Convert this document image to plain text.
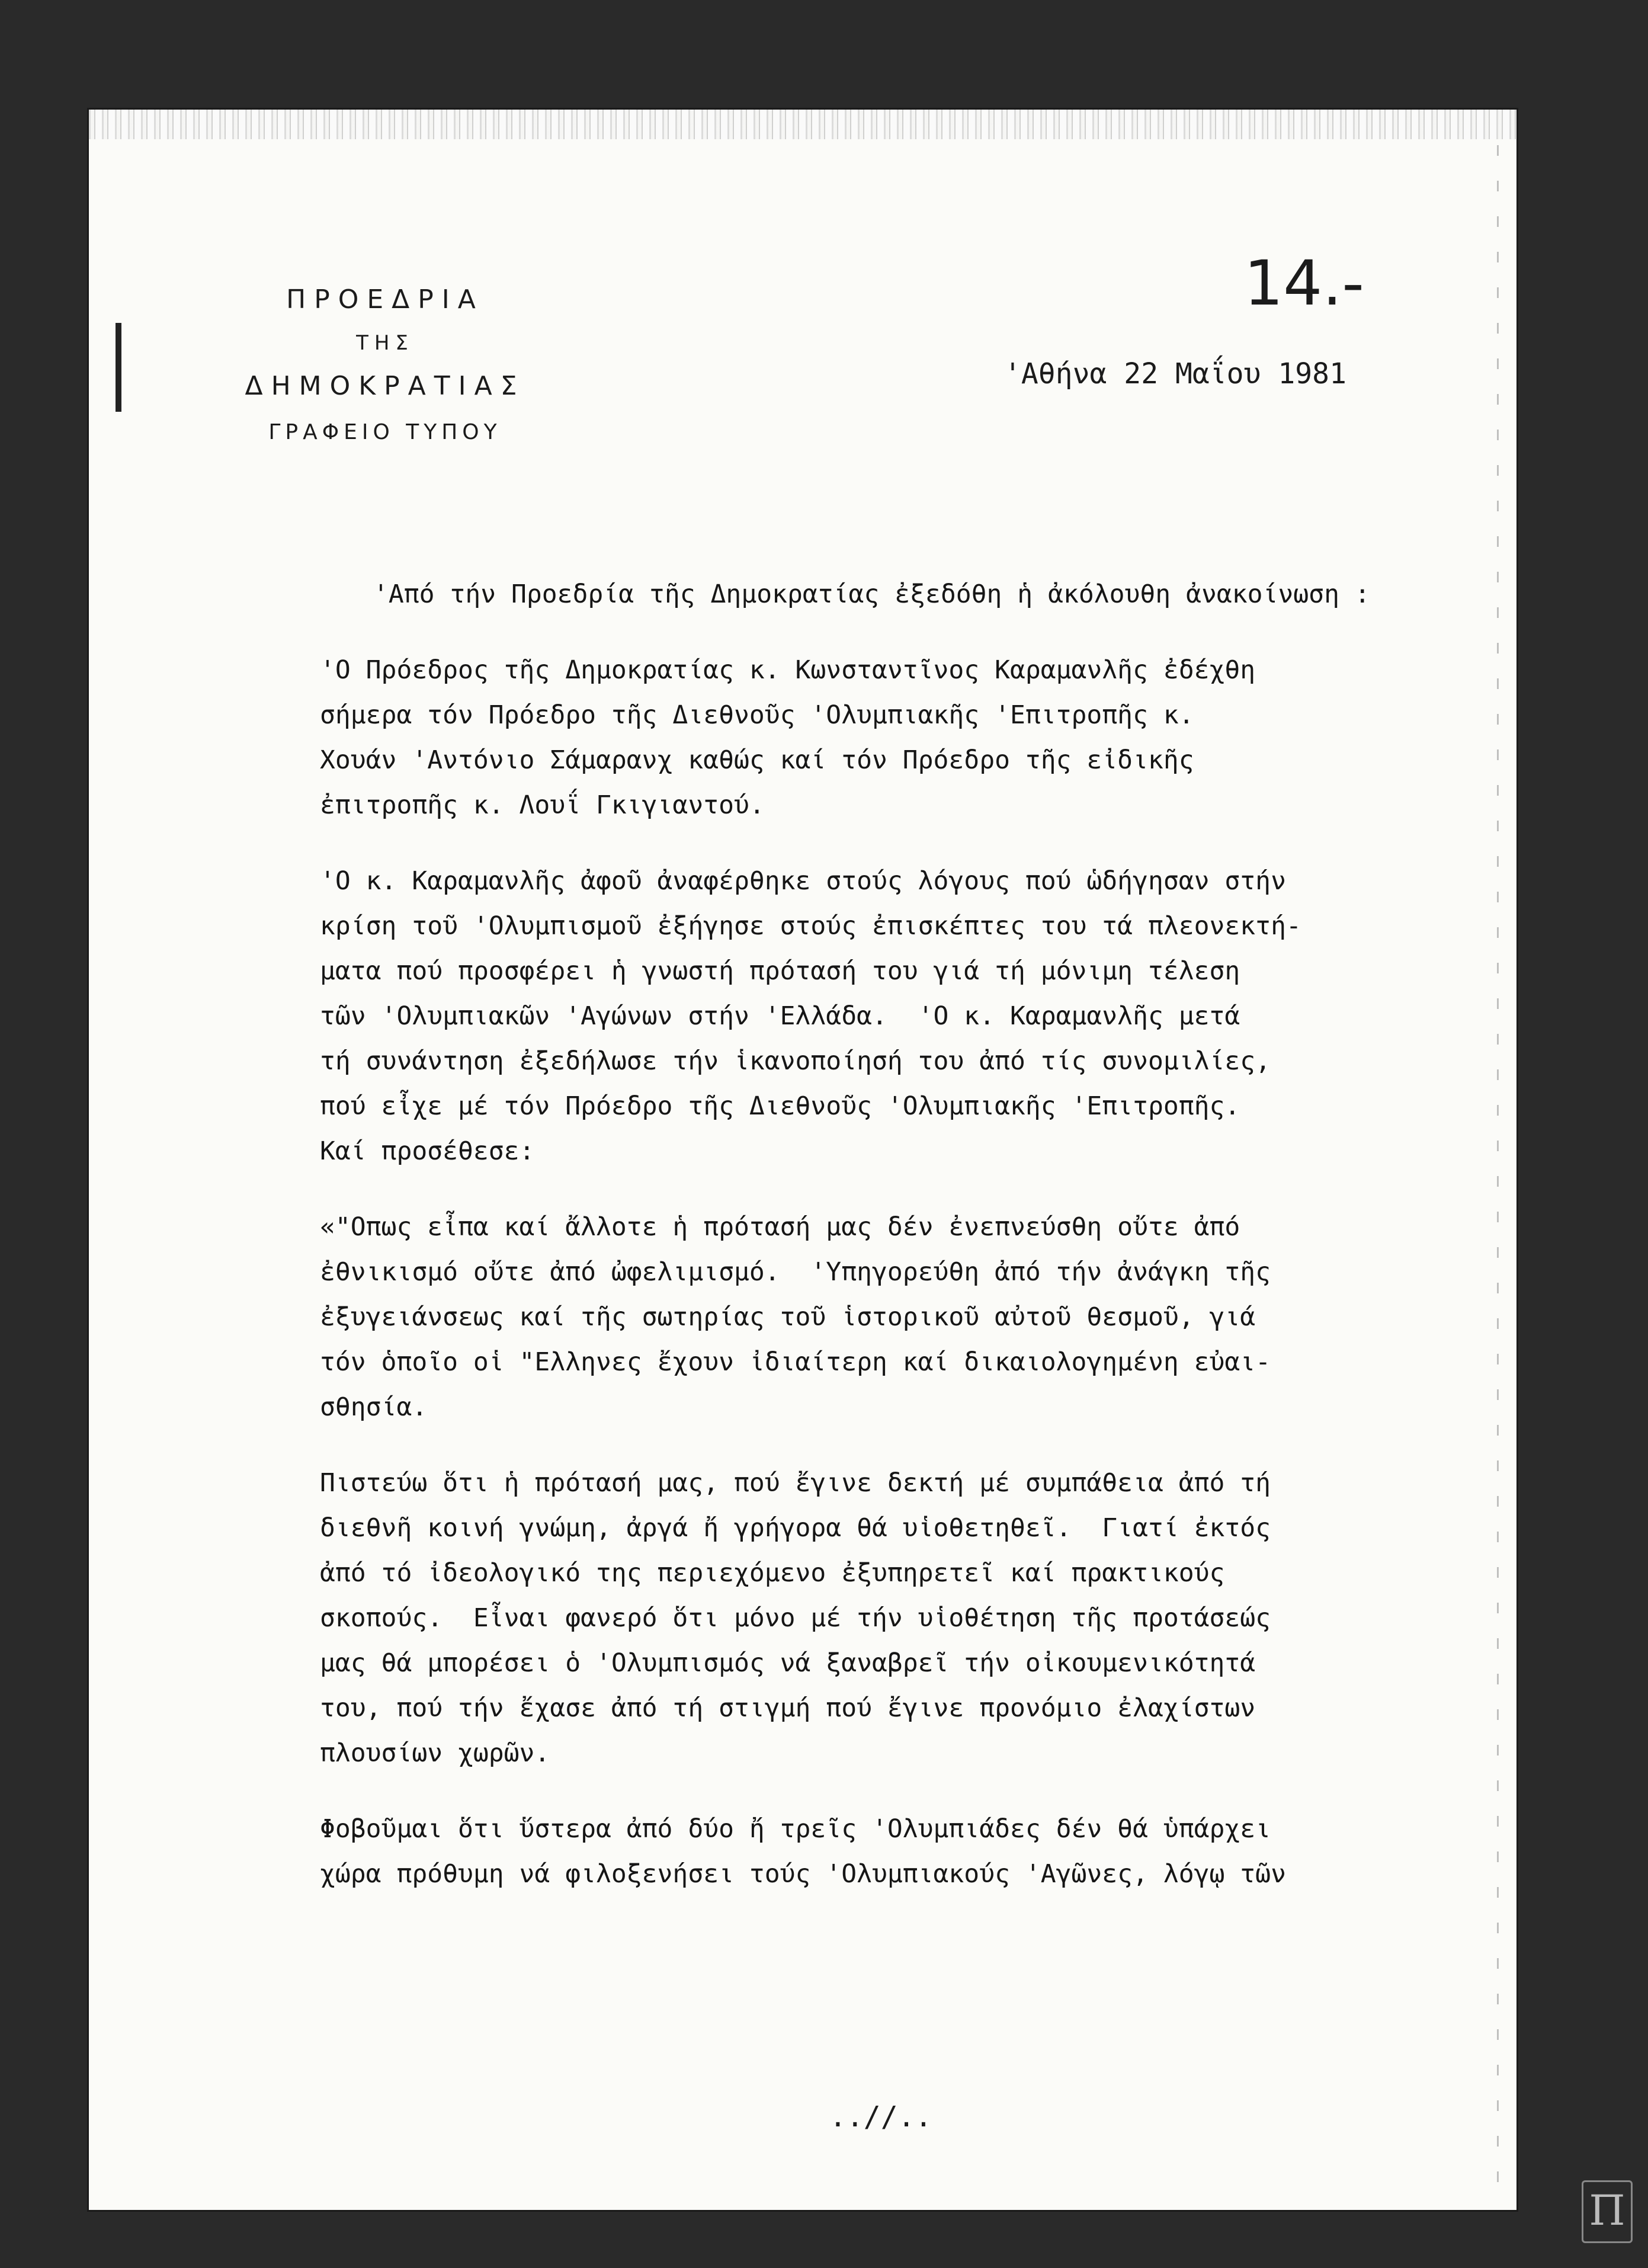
ΠΡΟΕΔΡΙΑ
ΤΗΣ
ΔΗΜΟΚΡΑΤΙΑΣ
ΓΡΑΦΕΙΟ ΤΥΠΟΥ
14.-
'Αθήνα 22 Μαΐου 1981

'Από τήν Προεδρία τῆς Δημοκρατίας ἐξεδόθη ἡ ἀκόλουθη ἀνακοίνωση :

'Ο Πρόεδρος τῆς Δημοκρατίας κ. Κωνσταντῖνος Καραμανλῆς ἐδέχθη
σήμερα τόν Πρόεδρο τῆς Διεθνοῦς 'Ολυμπιακῆς 'Επιτροπῆς κ.
Χουάν 'Αντόνιο Σάμαρανχ καθώς καί τόν Πρόεδρο τῆς εἰδικῆς
ἐπιτροπῆς κ. Λουΐ Γκιγιαντού.

'Ο κ. Καραμανλῆς ἀφοῦ ἀναφέρθηκε στούς λόγους πού ὡδήγησαν στήν
κρίση τοῦ 'Ολυμπισμοῦ ἐξήγησε στούς ἐπισκέπτες του τά πλεονεκτή-
ματα πού προσφέρει ἡ γνωστή πρότασή του γιά τή μόνιμη τέλεση
τῶν 'Ολυμπιακῶν 'Αγώνων στήν 'Ελλάδα.  'Ο κ. Καραμανλῆς μετά
τή συνάντηση ἐξεδήλωσε τήν ἱκανοποίησή του ἀπό τίς συνομιλίες,
πού εἶχε μέ τόν Πρόεδρο τῆς Διεθνοῦς 'Ολυμπιακῆς 'Επιτροπῆς.
Καί προσέθεσε:

«"Οπως εἶπα καί ἄλλοτε ἡ πρότασή μας δέν ἐνεπνεύσθη οὔτε ἀπό
ἐθνικισμό οὔτε ἀπό ὠφελιμισμό.  'Υπηγορεύθη ἀπό τήν ἀνάγκη τῆς
ἐξυγειάνσεως καί τῆς σωτηρίας τοῦ ἱστορικοῦ αὐτοῦ θεσμοῦ, γιά
τόν ὁποῖο οἱ "Ελληνες ἔχουν ἰδιαίτερη καί δικαιολογημένη εὐαι-
σθησία.

Πιστεύω ὅτι ἡ πρότασή μας, πού ἔγινε δεκτή μέ συμπάθεια ἀπό τή
διεθνῆ κοινή γνώμη, ἀργά ἤ γρήγορα θά υἱοθετηθεῖ.  Γιατί ἐκτός
ἀπό τό ἰδεολογικό της περιεχόμενο ἐξυπηρετεῖ καί πρακτικούς
σκοπούς.  Εἶναι φανερό ὅτι μόνο μέ τήν υἱοθέτηση τῆς προτάσεώς
μας θά μπορέσει ὁ 'Ολυμπισμός νά ξαναβρεῖ τήν οἰκουμενικότητά
του, πού τήν ἔχασε ἀπό τή στιγμή πού ἔγινε προνόμιο ἐλαχίστων
πλουσίων χωρῶν.

Φοβοῦμαι ὅτι ὕστερα ἀπό δύο ἤ τρεῖς 'Ολυμπιάδες δέν θά ὑπάρχει
χώρα πρόθυμη νά φιλοξενήσει τούς 'Ολυμπιακούς 'Αγῶνες, λόγῳ τῶν

..//..
Π
